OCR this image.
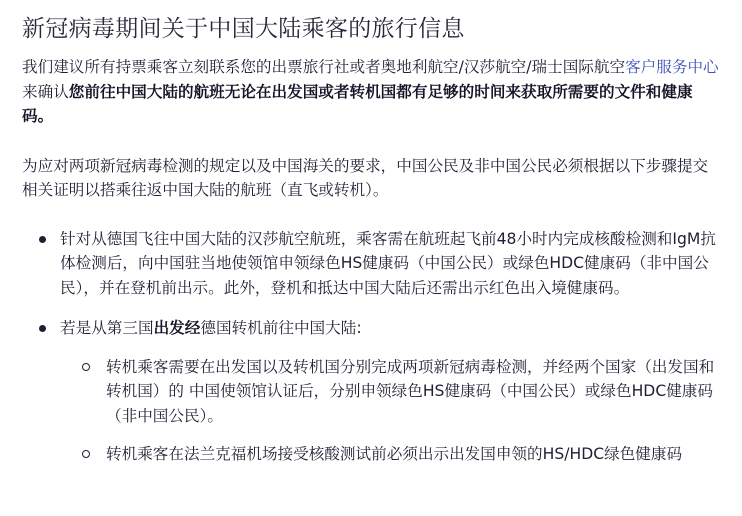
新冠病毒期间关于中国大陆乘客的旅行信息

我们建议所有持票乘客立刻联系您的出票旅行社或者奥地利航空/汉莎航空/瑞士国际航空客户服务中心来确认您前往中国大陆的航班无论在出发国或者转机国都有足够的时间来获取所需要的文件和健康码。

为应对两项新冠病毒检测的规定以及中国海关的要求，中国公民及非中国公民必须根据以下步骤提交相关证明以搭乘往返中国大陆的航班（直飞或转机）。

针对从德国飞往中国大陆的汉莎航空航班，乘客需在航班起飞前48小时内完成核酸检测和IgM抗体检测后，向中国驻当地使领馆申领绿色HS健康码（中国公民）或绿色HDC健康码（非中国公民），并在登机前出示。此外，登机和抵达中国大陆后还需出示红色出入境健康码。
若是从第三国出发经德国转机前往中国大陆:
转机乘客需要在出发国以及转机国分别完成两项新冠病毒检测，并经两个国家（出发国和转机国）的 中国使领馆认证后，分别申领绿色HS健康码（中国公民）或绿色HDC健康码（非中国公民）。
转机乘客在法兰克福机场接受核酸测试前必须出示出发国申领的HS/HDC绿色健康码
